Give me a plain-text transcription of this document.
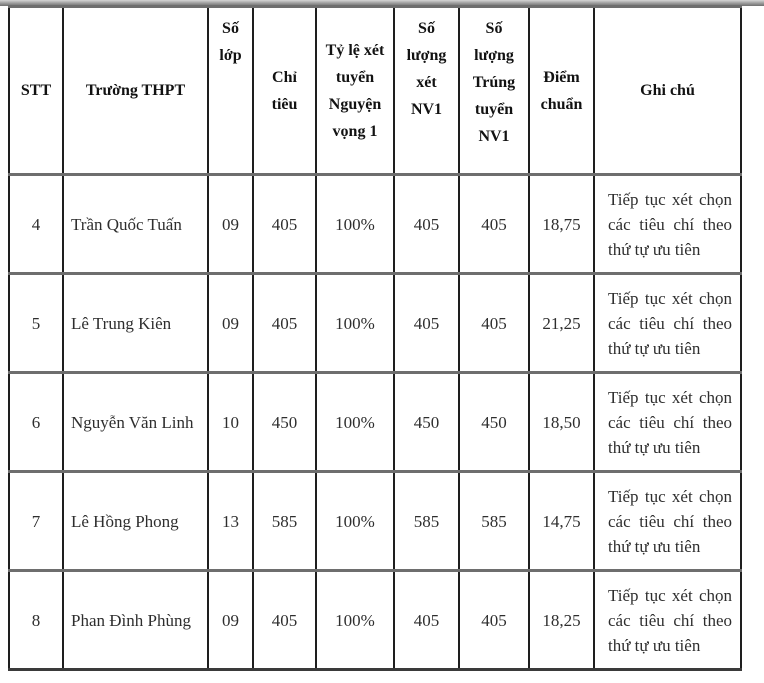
STT	Trường THPT	Số lớp	Chỉ tiêu	Tỷ lệ xét tuyển Nguyện vọng 1	Số lượng xét NV1	Số lượng Trúng tuyển NV1	Điểm chuẩn	Ghi chú
4	Trần Quốc Tuấn	09	405	100%	405	405	18,75	Tiếp tục xét chọn các tiêu chí theo thứ tự ưu tiên
5	Lê Trung Kiên	09	405	100%	405	405	21,25	Tiếp tục xét chọn các tiêu chí theo thứ tự ưu tiên
6	Nguyễn Văn Linh	10	450	100%	450	450	18,50	Tiếp tục xét chọn các tiêu chí theo thứ tự ưu tiên
7	Lê Hồng Phong	13	585	100%	585	585	14,75	Tiếp tục xét chọn các tiêu chí theo thứ tự ưu tiên
8	Phan Đình Phùng	09	405	100%	405	405	18,25	Tiếp tục xét chọn các tiêu chí theo thứ tự ưu tiên
